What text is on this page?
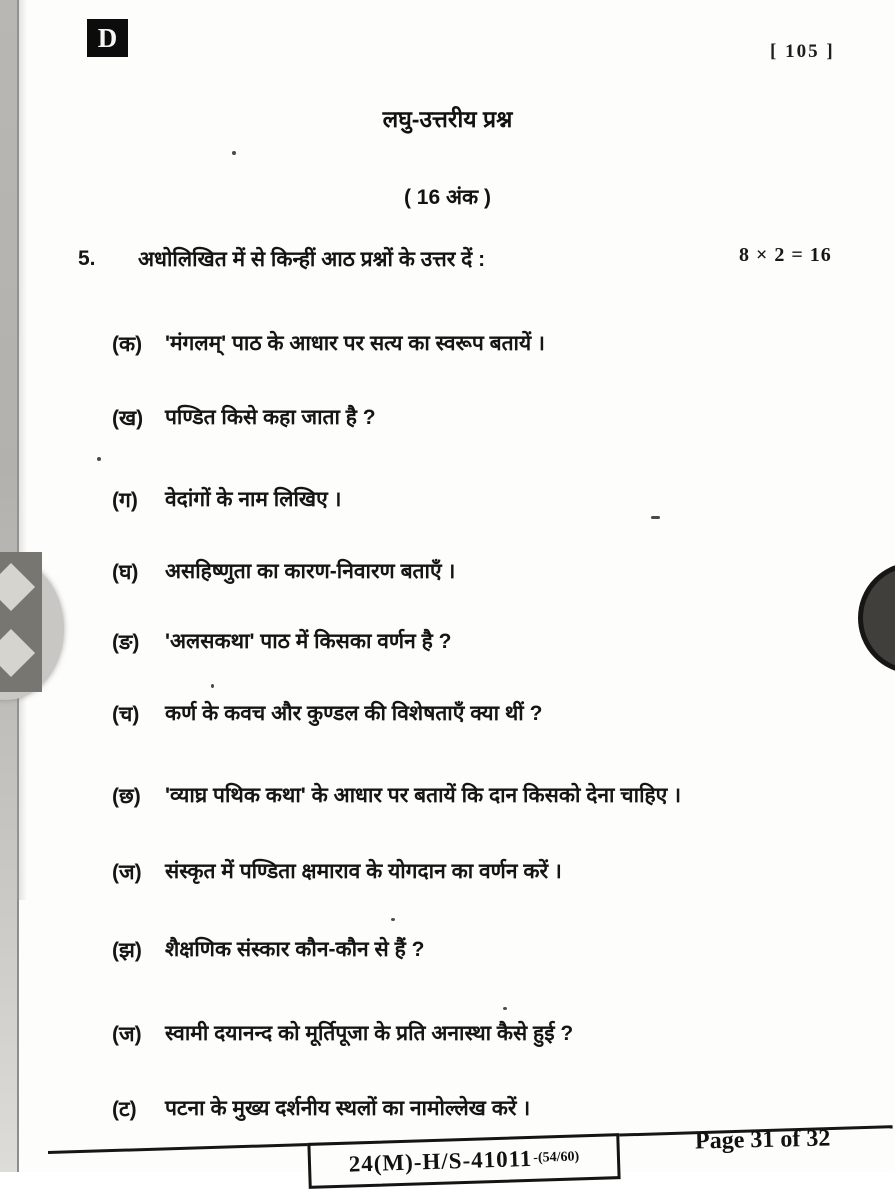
D	[ 105 ]
लघु-उत्तरीय प्रश्न
( 16 अंक )
5. अधोलिखित में से किन्हीं आठ प्रश्नों के उत्तर दें :	8 × 2 = 16
(क)	'मंगलम्' पाठ के आधार पर सत्य का स्वरूप बतायें ।
(ख)	पण्डित किसे कहा जाता है ?
(ग)	वेदांगों के नाम लिखिए ।
(घ)	असहिष्णुता का कारण-निवारण बताएँ ।
(ङ)	'अलसकथा' पाठ में किसका वर्णन है ?
(च)	कर्ण के कवच और कुण्डल की विशेषताएँ क्या थीं ?
(छ)	'व्याघ्र पथिक कथा' के आधार पर बतायें कि दान किसको देना चाहिए ।
(ज)	संस्कृत में पण्डिता क्षमाराव के योगदान का वर्णन करें ।
(झ)	शैक्षणिक संस्कार कौन-कौन से हैं ?
(ज)	स्वामी दयानन्द को मूर्तिपूजा के प्रति अनास्था कैसे हुई ?
(ट)	पटना के मुख्य दर्शनीय स्थलों का नामोल्लेख करें ।
24(M)-H/S-41011 -(54/60)
Page 31 of 32
